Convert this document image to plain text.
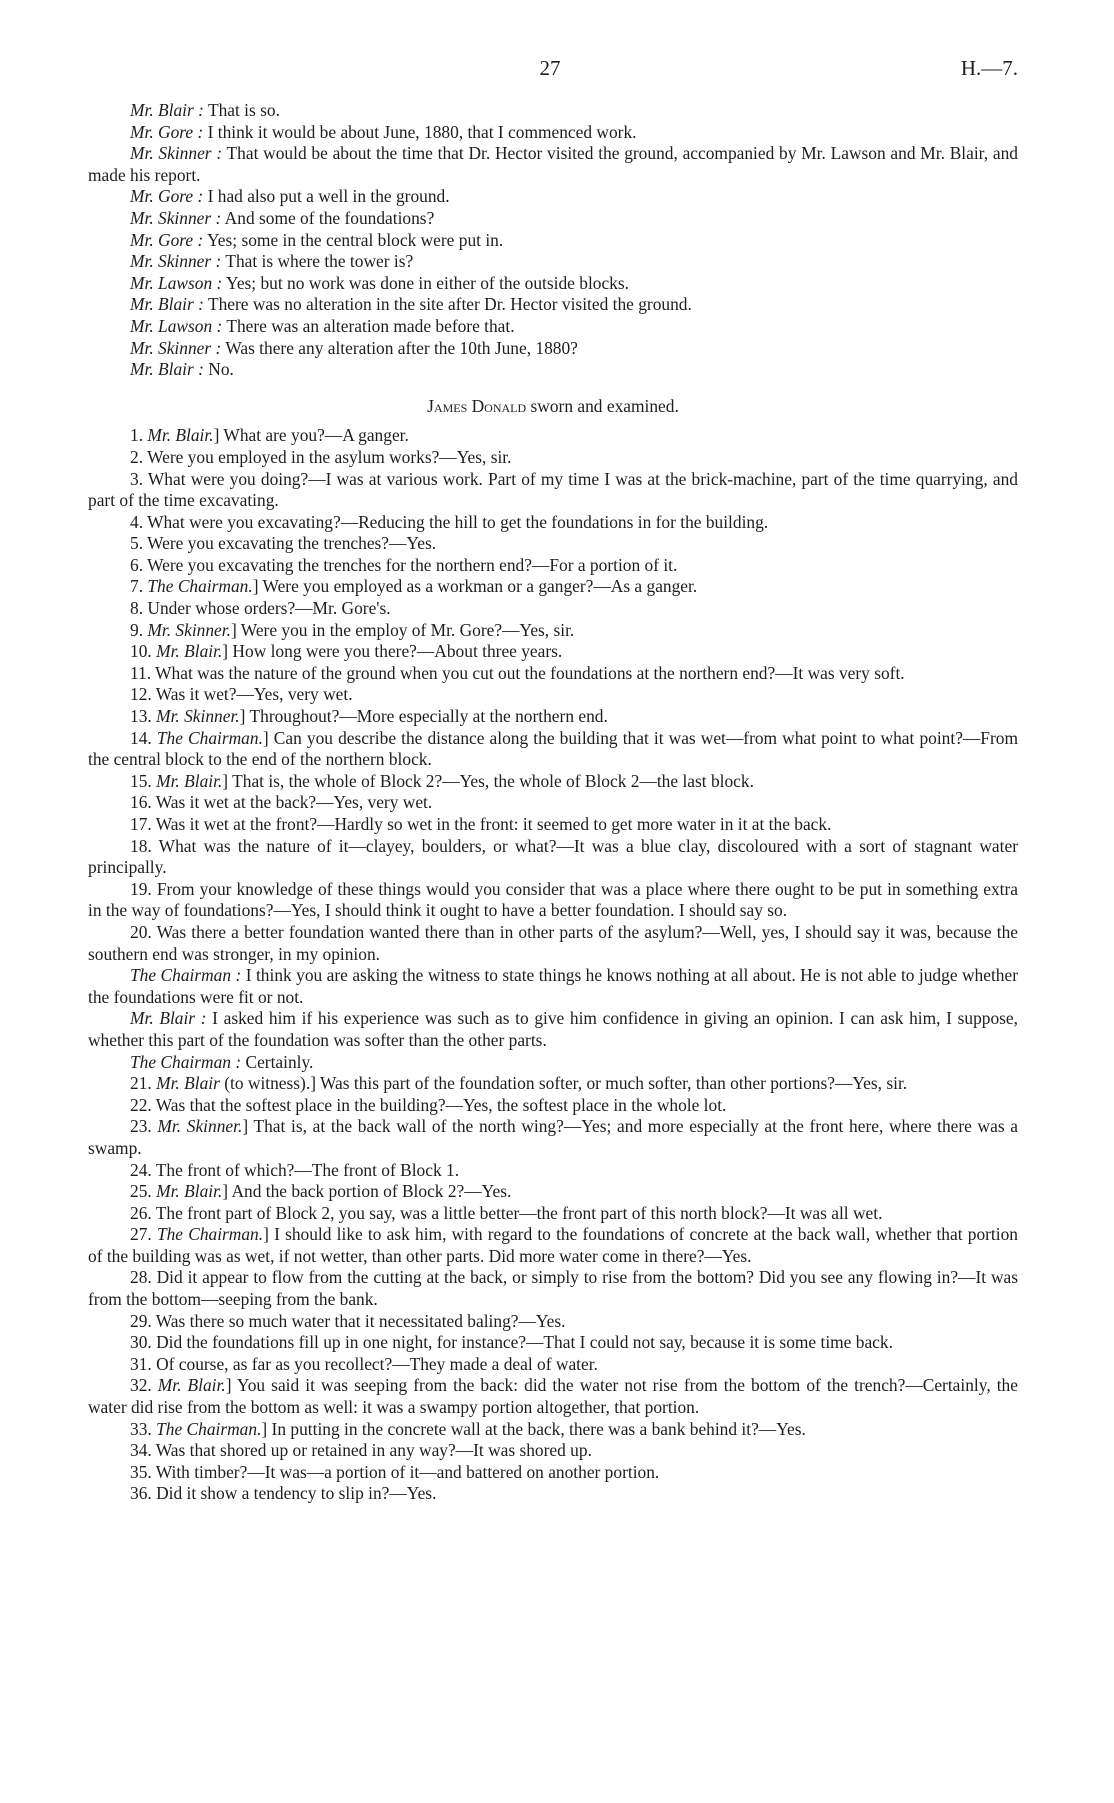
27	H.—7.

Mr. Blair : That is so.

Mr. Gore : I think it would be about June, 1880, that I commenced work.

Mr. Skinner : That would be about the time that Dr. Hector visited the ground, accompanied by Mr. Lawson and Mr. Blair, and made his report.

Mr. Gore : I had also put a well in the ground.

Mr. Skinner : And some of the foundations?

Mr. Gore : Yes; some in the central block were put in.

Mr. Skinner : That is where the tower is?

Mr. Lawson : Yes; but no work was done in either of the outside blocks.

Mr. Blair : There was no alteration in the site after Dr. Hector visited the ground.

Mr. Lawson : There was an alteration made before that.

Mr. Skinner : Was there any alteration after the 10th June, 1880?

Mr. Blair : No.

James Donald sworn and examined.

1. Mr. Blair.] What are you?—A ganger.

2. Were you employed in the asylum works?—Yes, sir.

3. What were you doing?—I was at various work. Part of my time I was at the brick-machine, part of the time quarrying, and part of the time excavating.

4. What were you excavating?—Reducing the hill to get the foundations in for the building.

5. Were you excavating the trenches?—Yes.

6. Were you excavating the trenches for the northern end?—For a portion of it.

7. The Chairman.] Were you employed as a workman or a ganger?—As a ganger.

8. Under whose orders?—Mr. Gore's.

9. Mr. Skinner.] Were you in the employ of Mr. Gore?—Yes, sir.

10. Mr. Blair.] How long were you there?—About three years.

11. What was the nature of the ground when you cut out the foundations at the northern end?—It was very soft.

12. Was it wet?—Yes, very wet.

13. Mr. Skinner.] Throughout?—More especially at the northern end.

14. The Chairman.] Can you describe the distance along the building that it was wet—from what point to what point?—From the central block to the end of the northern block.

15. Mr. Blair.] That is, the whole of Block 2?—Yes, the whole of Block 2—the last block.

16. Was it wet at the back?—Yes, very wet.

17. Was it wet at the front?—Hardly so wet in the front: it seemed to get more water in it at the back.

18. What was the nature of it—clayey, boulders, or what?—It was a blue clay, discoloured with a sort of stagnant water principally.

19. From your knowledge of these things would you consider that was a place where there ought to be put in something extra in the way of foundations?—Yes, I should think it ought to have a better foundation. I should say so.

20. Was there a better foundation wanted there than in other parts of the asylum?—Well, yes, I should say it was, because the southern end was stronger, in my opinion.

The Chairman : I think you are asking the witness to state things he knows nothing at all about. He is not able to judge whether the foundations were fit or not.

Mr. Blair : I asked him if his experience was such as to give him confidence in giving an opinion. I can ask him, I suppose, whether this part of the foundation was softer than the other parts.

The Chairman : Certainly.

21. Mr. Blair (to witness).] Was this part of the foundation softer, or much softer, than other portions?—Yes, sir.

22. Was that the softest place in the building?—Yes, the softest place in the whole lot.

23. Mr. Skinner.] That is, at the back wall of the north wing?—Yes; and more especially at the front here, where there was a swamp.

24. The front of which?—The front of Block 1.

25. Mr. Blair.] And the back portion of Block 2?—Yes.

26. The front part of Block 2, you say, was a little better—the front part of this north block?—It was all wet.

27. The Chairman.] I should like to ask him, with regard to the foundations of concrete at the back wall, whether that portion of the building was as wet, if not wetter, than other parts. Did more water come in there?—Yes.

28. Did it appear to flow from the cutting at the back, or simply to rise from the bottom? Did you see any flowing in?—It was from the bottom—seeping from the bank.

29. Was there so much water that it necessitated baling?—Yes.

30. Did the foundations fill up in one night, for instance?—That I could not say, because it is some time back.

31. Of course, as far as you recollect?—They made a deal of water.

32. Mr. Blair.] You said it was seeping from the back: did the water not rise from the bottom of the trench?—Certainly, the water did rise from the bottom as well: it was a swampy portion altogether, that portion.

33. The Chairman.] In putting in the concrete wall at the back, there was a bank behind it?—Yes.

34. Was that shored up or retained in any way?—It was shored up.

35. With timber?—It was—a portion of it—and battered on another portion.

36. Did it show a tendency to slip in?—Yes.
